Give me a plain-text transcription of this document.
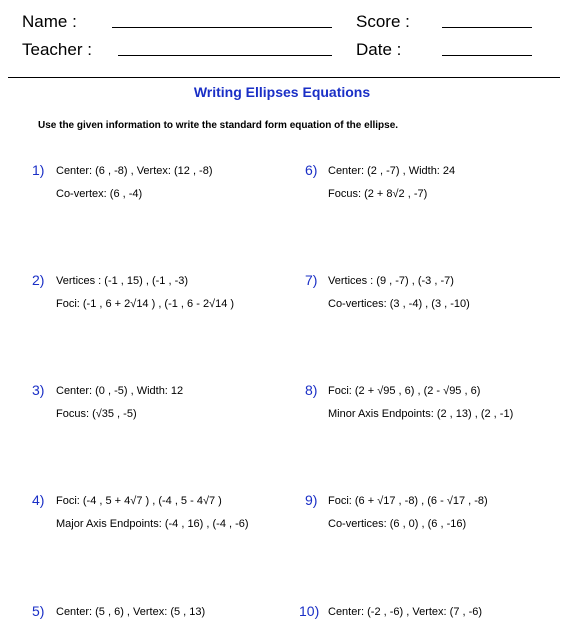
Name :	Score :
Teacher :	Date :
Writing Ellipses Equations
Use the given information to write the standard form equation of the ellipse.
1) Center: (6 , -8) , Vertex: (12 , -8)
Co-vertex: (6 , -4)
2) Vertices : (-1 , 15) , (-1 , -3)
Foci: (-1 , 6 + 2√14 ) , (-1 , 6 - 2√14 )
3) Center: (0 , -5) , Width: 12
Focus: (√35 , -5)
4) Foci: (-4 , 5 + 4√7 ) , (-4 , 5 - 4√7 )
Major Axis Endpoints: (-4 , 16) , (-4 , -6)
5) Center: (5 , 6) , Vertex: (5 , 13)
6) Center: (2 , -7) , Width: 24
Focus: (2 + 8√2 , -7)
7) Vertices : (9 , -7) , (-3 , -7)
Co-vertices: (3 , -4) , (3 , -10)
8) Foci: (2 + √95 , 6) , (2 - √95 , 6)
Minor Axis Endpoints: (2 , 13) , (2 , -1)
9) Foci: (6 + √17 , -8) , (6 - √17 , -8)
Co-vertices: (6 , 0) , (6 , -16)
10) Center: (-2 , -6) , Vertex: (7 , -6)
